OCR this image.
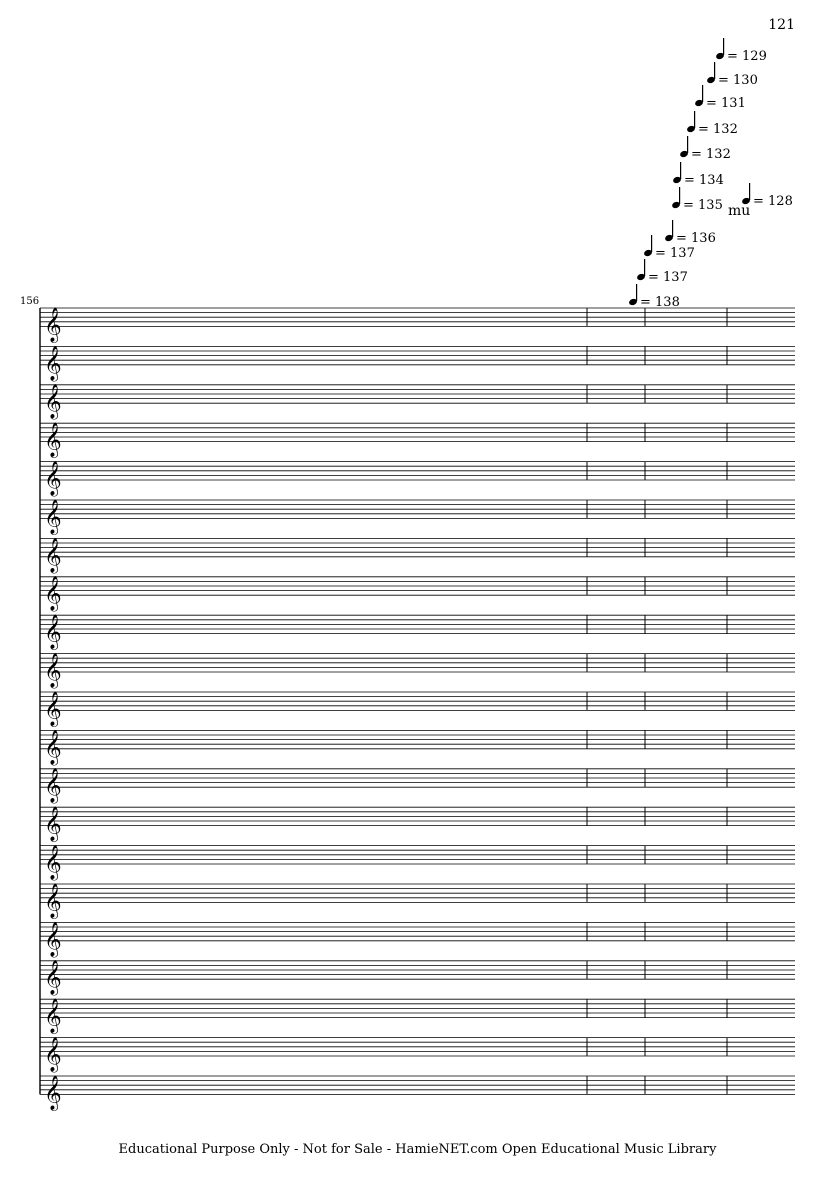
121
156
𝄞
𝄞
𝄞
𝄞
𝄞
𝄞
𝄞
𝄞
𝄞
𝄞
𝄞
𝄞
𝄞
𝄞
𝄞
𝄞
𝄞
𝄞
𝄞
𝄞
𝄞
= 129
= 130
= 131
= 132
= 132
= 134
= 135 = 128
= 136
= 137
= 137
= 138
mu
Educational Purpose Only - Not for Sale - HamieNET.com Open Educational Music Library
